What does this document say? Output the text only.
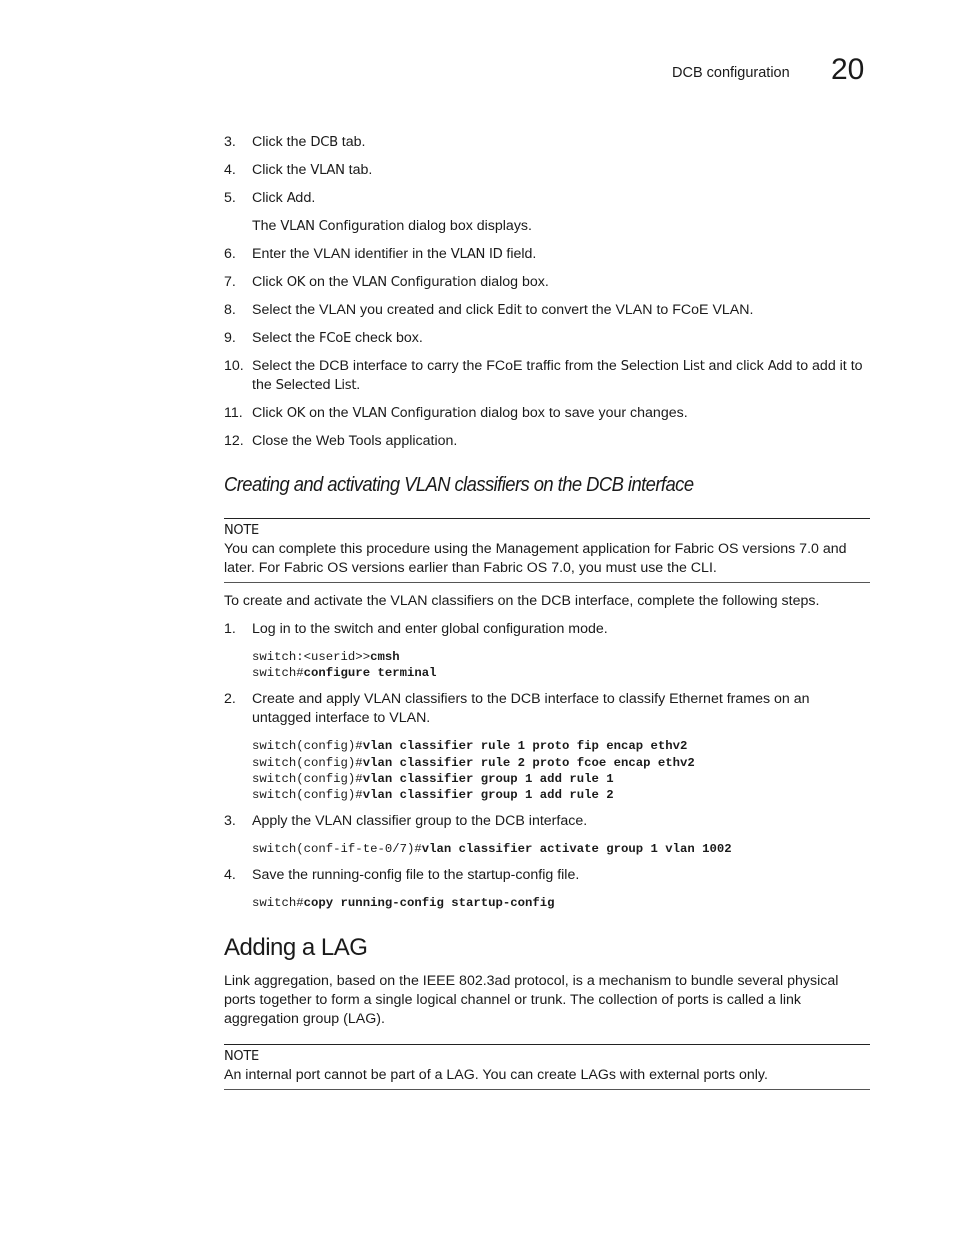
DCB configuration 20
3.	Click the DCB tab.
4.	Click the VLAN tab.
5.	Click Add.
The VLAN Configuration dialog box displays.
6.	Enter the VLAN identifier in the VLAN ID field.
7.	Click OK on the VLAN Configuration dialog box.
8.	Select the VLAN you created and click Edit to convert the VLAN to FCoE VLAN.
9.	Select the FCoE check box.
10. Select the DCB interface to carry the FCoE traffic from the Selection List and click Add to add it to the Selected List.
11. Click OK on the VLAN Configuration dialog box to save your changes.
12. Close the Web Tools application.
Creating and activating VLAN classifiers on the DCB interface
NOTE
You can complete this procedure using the Management application for Fabric OS versions 7.0 and later. For Fabric OS versions earlier than Fabric OS 7.0, you must use the CLI.
To create and activate the VLAN classifiers on the DCB interface, complete the following steps.
1.	Log in to the switch and enter global configuration mode.
switch:<userid>>cmsh
switch#configure terminal
2.	Create and apply VLAN classifiers to the DCB interface to classify Ethernet frames on an untagged interface to VLAN.
switch(config)#vlan classifier rule 1 proto fip encap ethv2
switch(config)#vlan classifier rule 2 proto fcoe encap ethv2
switch(config)#vlan classifier group 1 add rule 1
switch(config)#vlan classifier group 1 add rule 2
3.	Apply the VLAN classifier group to the DCB interface.
switch(conf-if-te-0/7)#vlan classifier activate group 1 vlan 1002
4.	Save the running-config file to the startup-config file.
switch#copy running-config startup-config
Adding a LAG
Link aggregation, based on the IEEE 802.3ad protocol, is a mechanism to bundle several physical ports together to form a single logical channel or trunk. The collection of ports is called a link aggregation group (LAG).
NOTE
An internal port cannot be part of a LAG. You can create LAGs with external ports only.
